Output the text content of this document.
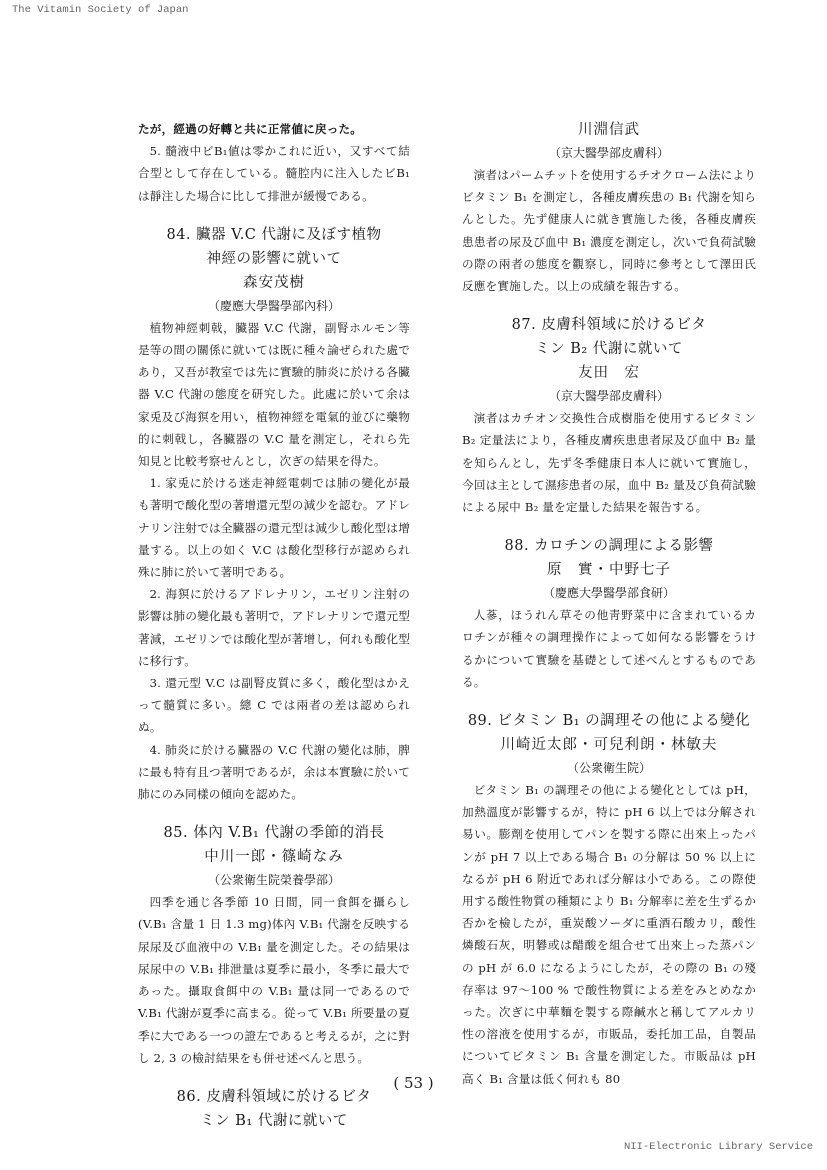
The Vitamin Society of Japan

たが，經過の好轉と共に正常値に戻った。

5. 髓液中ビB₁値は零かこれに近い，又すべて結合型として存在している。髓腔内に注入したビB₁は靜注した場合に比して排泄が緩慢である。

84. 臟器 V.C 代謝に及ぼす植物

神經の影響に就いて

森安茂樹

（慶應大學醫學部內科）

植物神經刺戟，臟器 V.C 代謝，副腎ホルモン等是等の間の關係に就いては既に種々論ぜられた處であり，又吾が教室では先に實驗的肺炎に於ける各臟器 V.C 代謝の態度を研究した。此處に於いて余は家兎及び海猽を用い，植物神經を電氣的並びに藥物的に刺戟し，各臟器の V.C 量を測定し，それら先知見と比較考察せんとし，次ぎの結果を得た。

1. 家兎に於ける迷走神經電刺では肺の變化が最も著明で酸化型の著增還元型の減少を認む。アドレナリン注射では全臟器の還元型は減少し酸化型は增量する。以上の如く V.C は酸化型移行が認められ殊に肺に於いて著明である。

2. 海猽に於けるアドレナリン，エゼリン注射の影響は肺の變化最も著明で，アドレナリンで還元型著減，エゼリンでは酸化型が著增し，何れも酸化型に移行す。

3. 還元型 V.C は副腎皮質に多く，酸化型はかえって髓質に多い。總 C では兩者の差は認められぬ。

4. 肺炎に於ける臟器の V.C 代謝の變化は肺，脾に最も特有且つ著明であるが，余は本實驗に於いて肺にのみ同樣の傾向を認めた。

85. 体內 V.B₁ 代謝の季節的消長

中川一郎・篠崎なみ

（公衆衛生院榮養學部）

四季を通じ各季節 10 日間，同一食餌を攝らし(V.B₁ 含量 1 日 1.3 mg)体內 V.B₁ 代謝を反映する尿尿及び血液中の V.B₁ 量を測定した。その結果は尿尿中の V.B₁ 排泄量は夏季に最小，冬季に最大であった。攝取食餌中の V.B₁ 量は同一であるので V.B₁ 代謝が夏季に高まる。從って V.B₁ 所要量の夏季に大である一つの證左であると考えるが，之に對し 2, 3 の檢討結果をも併せ述べんと思う。

86. 皮膚科領域に於けるビタ

ミン B₁ 代謝に就いて

川淵信武

（京大醫學部皮膚科）

演者はパームチットを使用するチオクローム法によりビタミン B₁ を測定し，各種皮膚疾患の B₁ 代謝を知らんとした。先ず健康人に就き實施した後，各種皮膚疾患患者の尿及び血中 B₁ 濃度を測定し，次いで負荷試驗の際の兩者の態度を觀察し，同時に參考として澤田氏反應を實施した。以上の成績を報告する。

87. 皮膚科領域に於けるビタ

ミン B₂ 代謝に就いて

友田　宏

（京大醫學部皮膚科）

演者はカチオン交換性合成樹脂を使用するビタミン B₂ 定量法により，各種皮膚疾患患者尿及び血中 B₂ 量を知らんとし，先ず冬季健康日本人に就いて實施し，今回は主として濕疹患者の尿，血中 B₂ 量及び負荷試驗による尿中 B₂ 量を定量した結果を報告する。

88. カロチンの調理による影響

原　實・中野七子

（慶應大學醫學部食研）

人蔘，ほうれん草その他靑野菜中に含まれているカロチンが種々の調理操作によって如何なる影響をうけるかについて實驗を基礎として述べんとするものである。

89. ビタミン B₁ の調理その他による變化

川崎近太郎・可兒利朗・林敏夫

（公衆衛生院）

ビタミン B₁ の調理その他による變化としては pH，加熱溫度が影響するが，特に pH 6 以上では分解され易い。膨劑を使用してパンを製する際に出來上ったパンが pH 7 以上である場合 B₁ の分解は 50 % 以上になるが pH 6 附近であれば分解は小である。この際使用する酸性物質の種類により B₁ 分解率に差を生ずるか否かを檢したが，重炭酸ソーダに重酒石酸カリ，酸性燐酸石灰，明礬或は醋酸を組合せて出來上った蒸パンの pH が 6.0 になるようにしたが，その際の B₁ の殘存率は 97〜100 % で酸性物質による差をみとめなかった。次ぎに中華麵を製する際鹹水と稱してアルカリ性の溶液を使用するが，市販品，委托加工品，自製品についてビタミン B₁ 含量を測定した。市販品は pH 高く B₁ 含量は低く何れも 80

( 53 )
NII-Electronic Library Service
